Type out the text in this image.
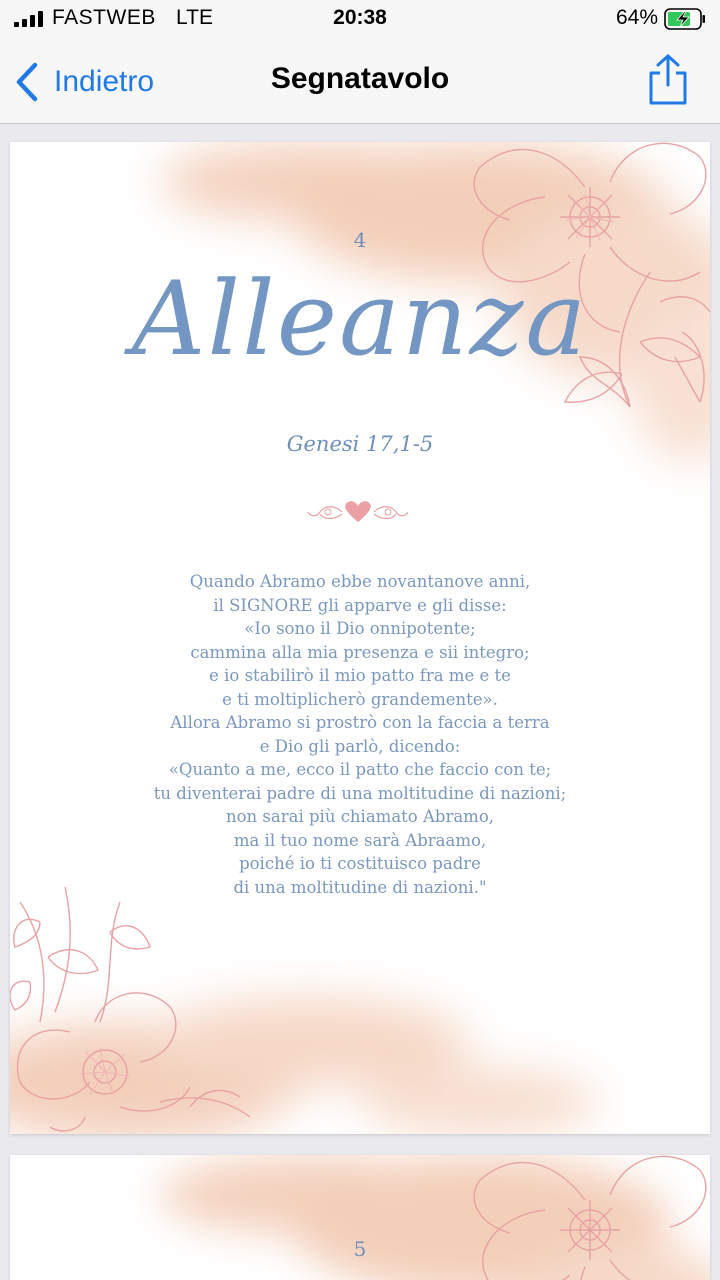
FASTWEB LTE	20:38	64%
Indietro	Segnatavolo
4
Alleanza
Genesi 17,1-5
Quando Abramo ebbe novantanove anni,
il SIGNORE gli apparve e gli disse:
«Io sono il Dio onnipotente;
cammina alla mia presenza e sii integro;
e io stabilirò il mio patto fra me e te
e ti moltiplicherò grandemente».
Allora Abramo si prostrò con la faccia a terra
e Dio gli parlò, dicendo:
«Quanto a me, ecco il patto che faccio con te;
tu diventerai padre di una moltitudine di nazioni;
non sarai più chiamato Abramo,
ma il tuo nome sarà Abraamo,
poiché io ti costituisco padre
di una moltitudine di nazioni."
5
